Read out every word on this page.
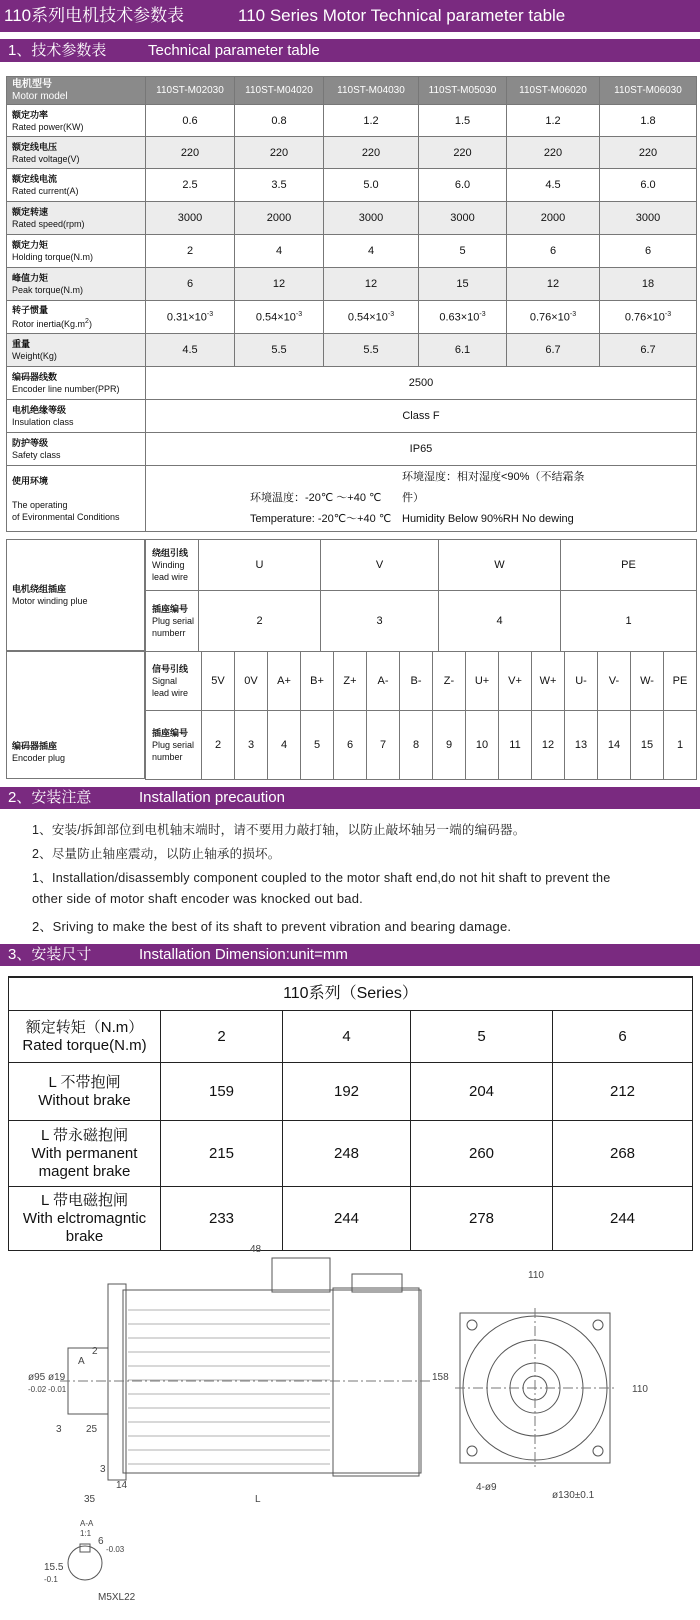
110系列电机技术参数表	110 Series Motor Technical parameter table
1、技术参数表	Technical parameter table
电机型号
Motor model	110ST-M02030	110ST-M04020	110ST-M04030	110ST-M05030	110ST-M06020	110ST-M06030

额定功率
Rated power(KW)	0.6	0.8	1.2	1.5	1.2	1.8

额定线电压
Rated voltage(V)	220	220	220	220	220	220

额定线电流
Rated current(A)	2.5	3.5	5.0	6.0	4.5	6.0

额定转速
Rated speed(rpm)	3000	2000	3000	3000	2000	3000

额定力矩
Holding torque(N.m)	2	4	4	5	6	6

峰值力矩
Peak torque(N.m)	6	12	12	15	12	18

转子惯量
Rotor $inertia(Kg.m^2)$	$0.31\times 10^{-3}$	$0.54\times 10^{-3}$	$0.54\times 10^{-3}$	$0.63\times 10^{-3}$	$0.76\times 10^{-3}$	$0.76\times 10^{-3}$

重量
Weight(Kg)	4.5	5.5	5.5	6.1	6.7	6.7

编码器线数
Encoder line number(PPR)	2500					

电机绝缘等级
Insulation class	Class F					

防护等级
Safety class	IP65					

使用环境

The operating
of Evironmental Conditions	环境温度：-20℃ ～+40 ℃环境湿度：相对湿度<90%（不结霜条件）
Temperature: -20℃～+40 ℃ Humidity Below 90%RH No dewing					
电机绕组插座
Motor winding plue
绕组引线
Winding
lead wire	U	V	W	PE

插座编号
Plug serial
numberr	2	3	4	1
编码器插座
Encoder plug
信号引线
Signal
lead wire	5V	0V	A+	B+	Z+	A-	B-	Z-	U+	V+	W+	U-	V-	W-	PE

插座编号
Plug serial
number	2	3	4	5	6	7	8	9	10	11	12	13	14	15	1
2、安装注意	Installation precaution
1、安装/拆卸部位到电机轴末端时，请不要用力敲打轴，以防止敲坏轴另一端的编码器。
2、尽量防止轴座震动，以防止轴承的损坏。
1、Installation/disassembly component coupled to the motor shaft end,do not hit shaft to prevent the
other side of motor shaft encoder was knocked out bad.
2、Sriving to make the best of its shaft to prevent vibration and bearing damage.
3、安装尺寸	Installation Dimension:unit=mm
110系列（Series）				
额定转矩（N.m）
Rated torque(N.m)	2	4	5	6
L 不带抱闸
Without brake	159	192	204	212
L 带永磁抱闸
With permanent
magent brake	215	248	260	268
L 带电磁抱闸
With elctromagntic
brake	233	244	278	244
48
158
2
A
ø95
-0.02
ø19
-0.01
3 25
3
14
35	L
110
110
4-ø9
ø130±0.1
A-A
1:1
6
-0.03
15.5
-0.1
M5XL22
